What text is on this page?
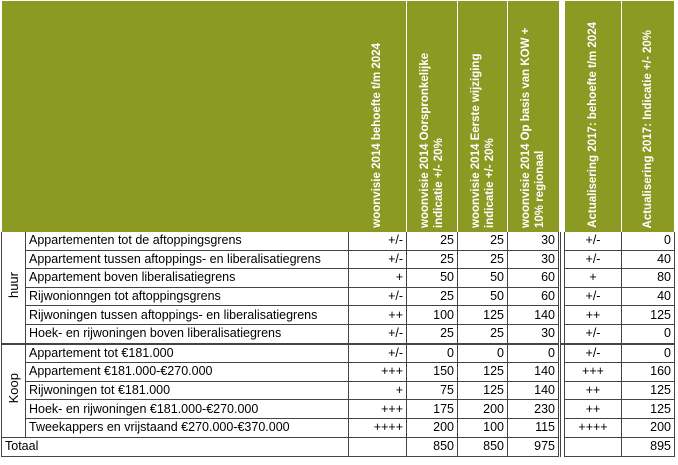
		woonvisie 2014 behoefte t/m 2024	woonvisie 2014 Oorspronkelijke indicatie +/- 20%	woonvisie 2014 Eerste wijziging indicatie +/- 20%	woonvisie 2014 Op basis van KOW + 10% regionaal		Actualisering 2017: behoefte t/m 2024	Actualisering 2017: Indicatie +/- 20%

huur	Appartementen tot de aftoppingsgrens	+/-	25	25	30		+/-	0
	Appartement tussen aftoppings- en liberalisatiegrens	+/-	25	25	30		+/-	40
	Appartement boven liberalisatiegrens	+	50	50	60		+	80
	Rijwonionngen tot aftoppingsgrens	+/-	25	50	60		+/-	40
	Rijwoningen tussen aftoppings- en liberalisatiegrens	++	100	125	140		++	125
	Hoek- en rijwoningen boven liberalisatiegrens	+/-	25	25	30		+/-	0
Koop	Appartement tot €181.000	+/-	0	0	0		+/-	0
	Appartement €181.000-€270.000	+++	150	125	140		+++	160
	Rijwoningen tot €181.000	+	75	125	140		++	125
	Hoek- en rijwoningen €181.000-€270.000	+++	175	200	230		++	125
	Tweekappers en vrijstaand €270.000-€370.000	++++	200	100	115		++++	200
Totaal			850	850	975			895
